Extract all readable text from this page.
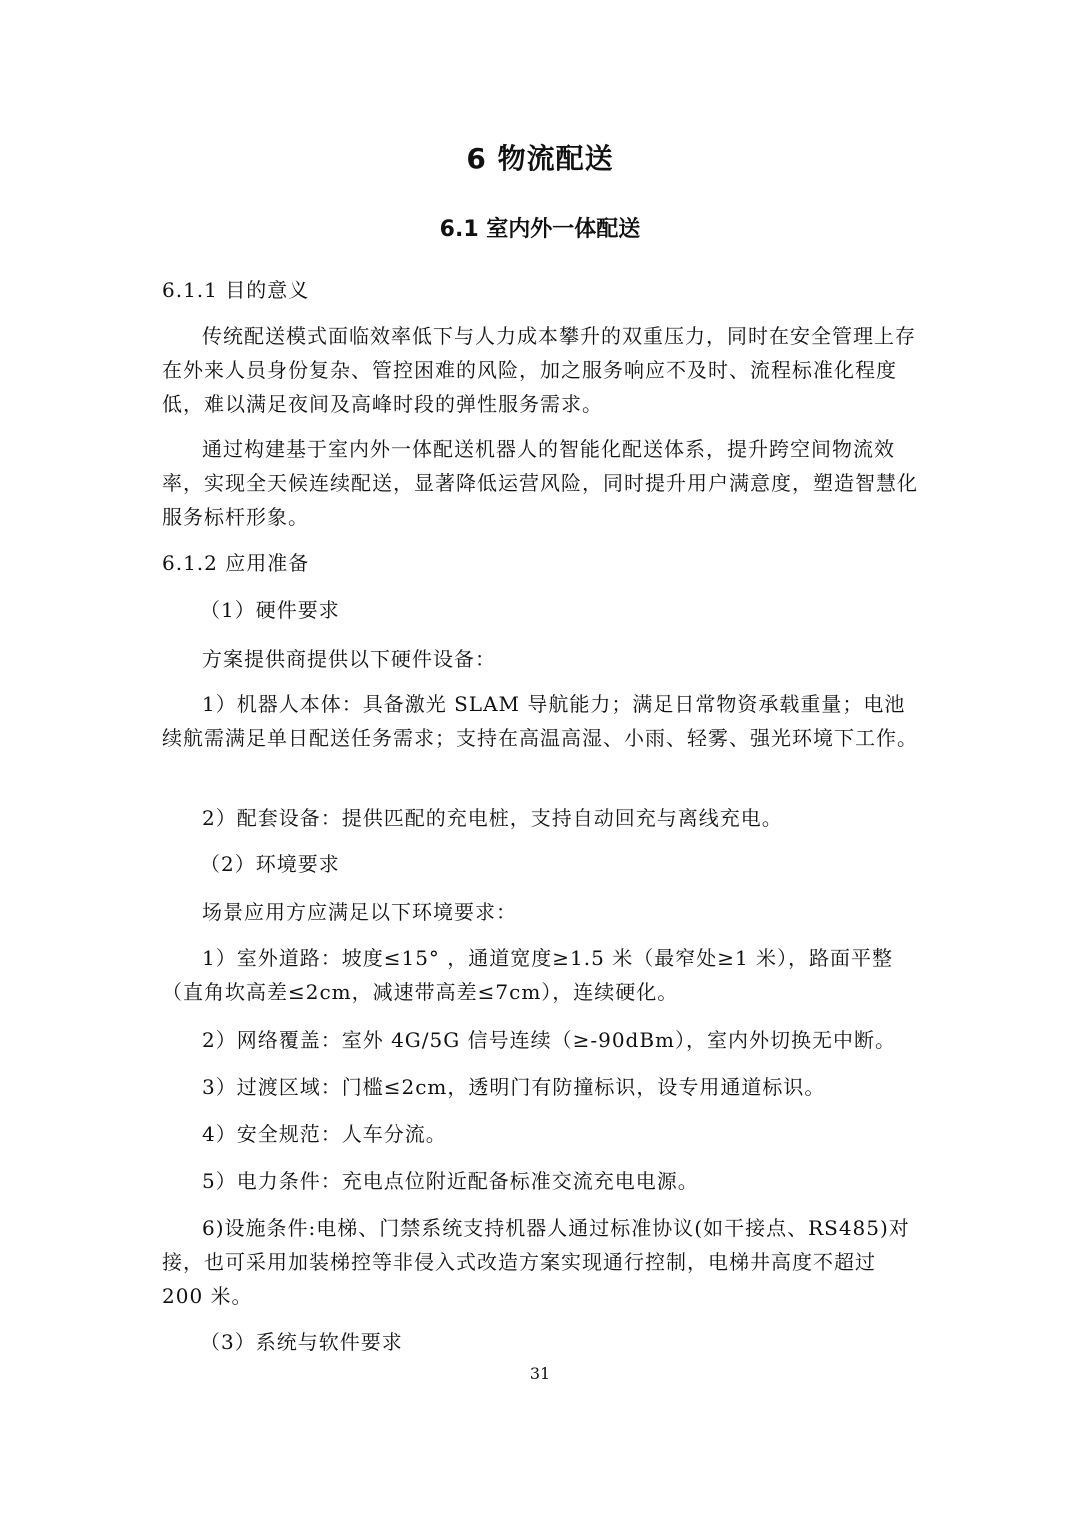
6 物流配送
6.1 室内外一体配送
6.1.1 目的意义
传统配送模式面临效率低下与人力成本攀升的双重压力，同时在安全管理上存在外来人员身份复杂、管控困难的风险，加之服务响应不及时、流程标准化程度低，难以满足夜间及高峰时段的弹性服务需求。
通过构建基于室内外一体配送机器人的智能化配送体系，提升跨空间物流效率，实现全天候连续配送，显著降低运营风险，同时提升用户满意度，塑造智慧化服务标杆形象。
6.1.2 应用准备
（1）硬件要求
方案提供商提供以下硬件设备：
1）机器人本体：具备激光 SLAM 导航能力；满足日常物资承载重量；电池续航需满足单日配送任务需求；支持在高温高湿、小雨、轻雾、强光环境下工作。
2）配套设备：提供匹配的充电桩，支持自动回充与离线充电。
（2）环境要求
场景应用方应满足以下环境要求：
1）室外道路：坡度≤15° ，通道宽度≥1.5 米（最窄处≥1 米），路面平整（直角坎高差≤2cm，减速带高差≤7cm），连续硬化。
2）网络覆盖：室外 4G/5G 信号连续（≥-90dBm），室内外切换无中断。
3）过渡区域：门槛≤2cm，透明门有防撞标识，设专用通道标识。
4）安全规范：人车分流。
5）电力条件：充电点位附近配备标准交流充电电源。
6)设施条件:电梯、门禁系统支持机器人通过标准协议(如干接点、RS485)对接，也可采用加装梯控等非侵入式改造方案实现通行控制，电梯井高度不超过 200 米。
（3）系统与软件要求
31
